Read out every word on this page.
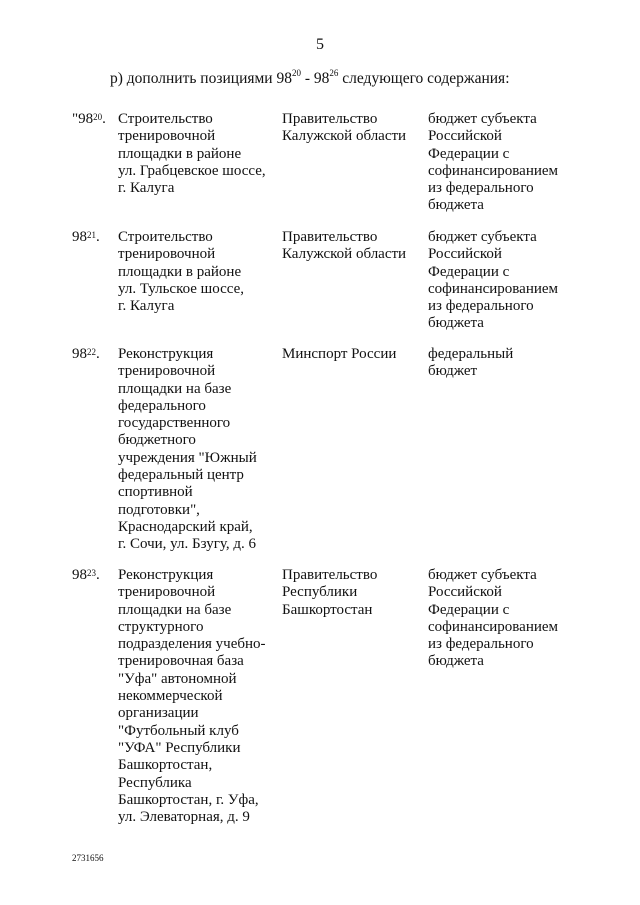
5
р) дополнить позициями $98^{20} - 98^{26}$ следующего содержания:
"$98^{20}$. Строительство
тренировочной
площадки в районе
ул. Грабцевское шоссе,
г. Калуга
Правительство
Калужской области
бюджет субъекта
Российской
Федерации с
софинансированием
из федерального
бюджета
$98^{21}$. Строительство
тренировочной
площадки в районе
ул. Тульское шоссе,
г. Калуга
Правительство
Калужской области
бюджет субъекта
Российской
Федерации с
софинансированием
из федерального
бюджета
$98^{22}$. Реконструкция
тренировочной
площадки на базе
федерального
государственного
бюджетного
учреждения "Южный
федеральный центр
спортивной
подготовки",
Краснодарский край,
г. Сочи, ул. Бзугу, д. 6
Минспорт России	федеральный
бюджет
$98^{23}$. Реконструкция
тренировочной
площадки на базе
структурного
подразделения учебно-
тренировочная база
"Уфа" автономной
некоммерческой
организации
"Футбольный клуб
"УФА" Республики
Башкортостан,
Республика
Башкортостан, г. Уфа,
ул. Элеваторная, д. 9
Правительство
Республики
Башкортостан
бюджет субъекта
Российской
Федерации с
софинансированием
из федерального
бюджета
2731656
